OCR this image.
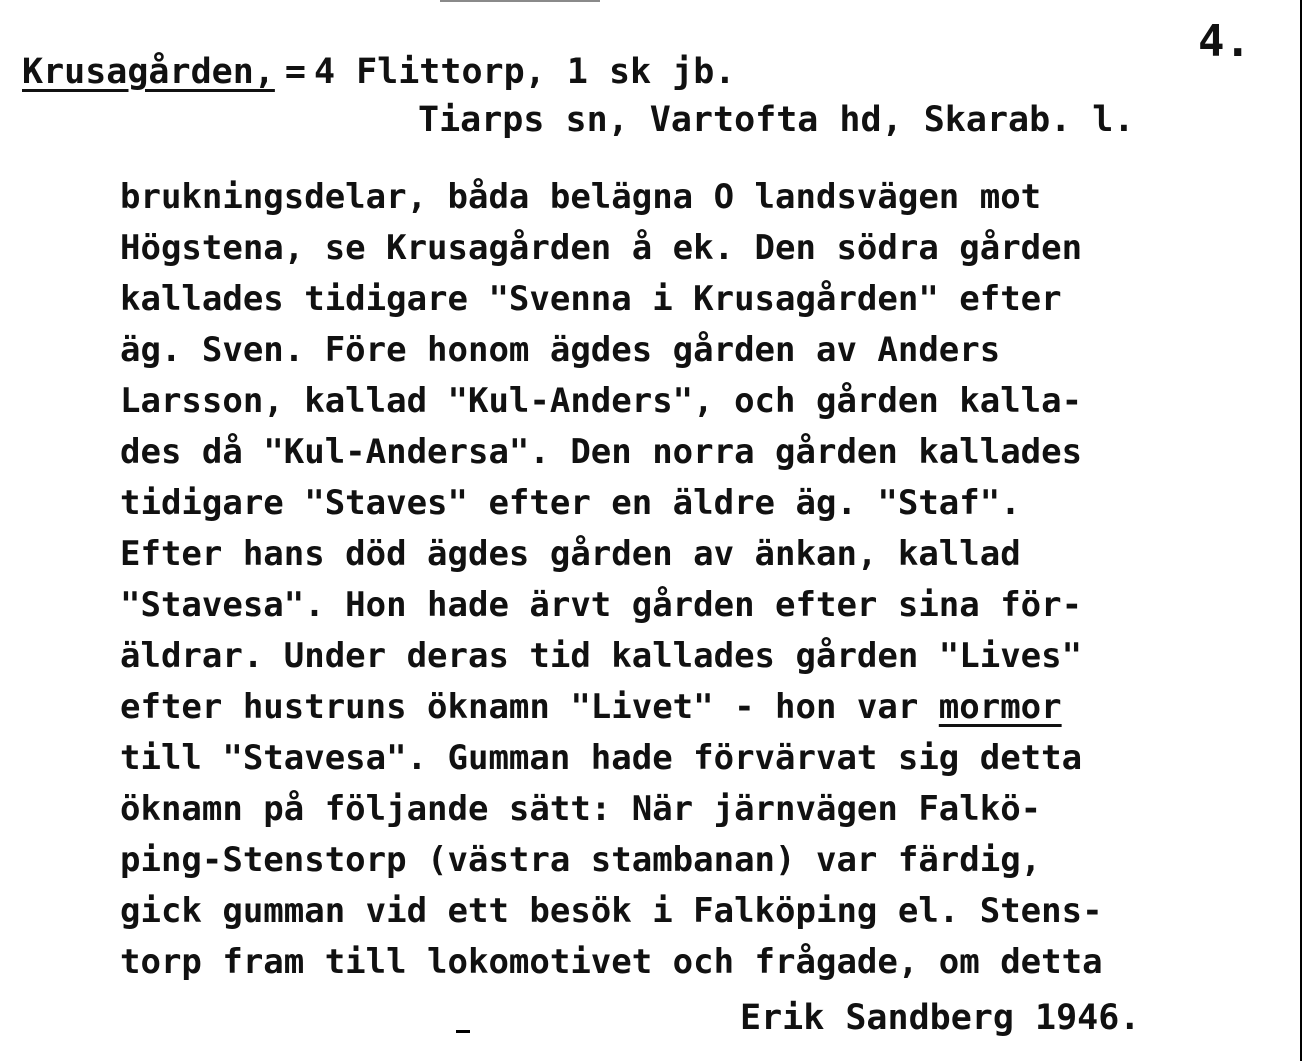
4.
Krusagården, = 4 Flittorp, 1 sk jb.
Tiarps sn, Vartofta hd, Skarab. l.
brukningsdelar, båda belägna O landsvägen mot
Högstena, se Krusagården å ek. Den södra gården
kallades tidigare "Svenna i Krusagården" efter
äg. Sven. Före honom ägdes gården av Anders
Larsson, kallad "Kul-Anders", och gården kalla-
des då "Kul-Andersa". Den norra gården kallades
tidigare "Staves" efter en äldre äg. "Staf".
Efter hans död ägdes gården av änkan, kallad
"Stavesa". Hon hade ärvt gården efter sina för-
äldrar. Under deras tid kallades gården "Lives"
efter hustruns öknamn "Livet" - hon var mormor
till "Stavesa". Gumman hade förvärvat sig detta
öknamn på följande sätt: När järnvägen Falkö-
ping-Stenstorp (västra stambanan) var färdig,
gick gumman vid ett besök i Falköping el. Stens-
torp fram till lokomotivet och frågade, om detta
Erik Sandberg 1946.
